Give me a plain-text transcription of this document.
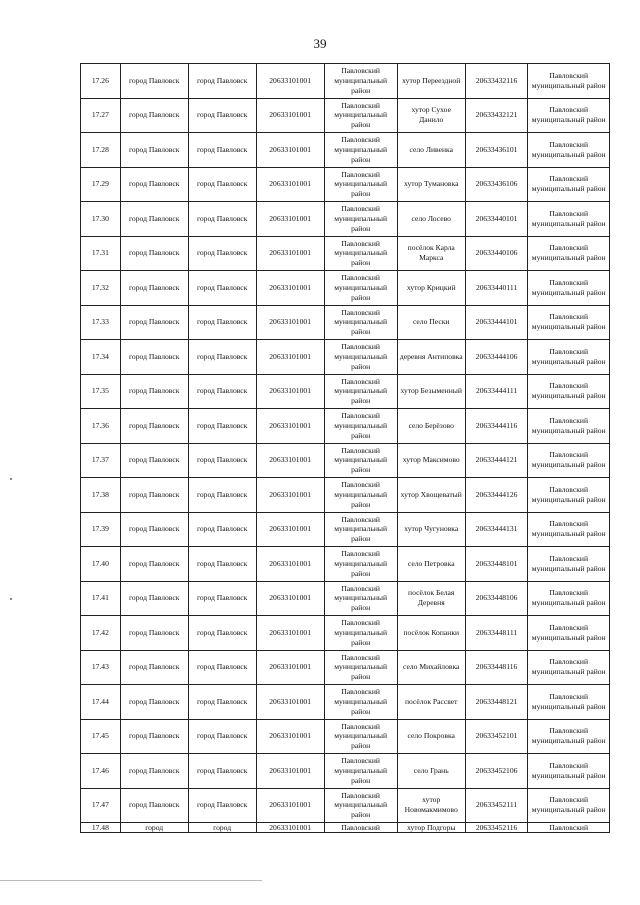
39
17.26	город Павловск	город Павловск	20633101001	Павловский муниципальный район	хутор Переездной	20633432116	Павловский муниципальный район
17.27	город Павловск	город Павловск	20633101001	Павловский муниципальный район	хутор Сухое Данило	20633432121	Павловский муниципальный район
17.28	город Павловск	город Павловск	20633101001	Павловский муниципальный район	село Ливенка	20633436101	Павловский муниципальный район
17.29	город Павловск	город Павловск	20633101001	Павловский муниципальный район	хутор Тумановка	20633436106	Павловский муниципальный район
17.30	город Павловск	город Павловск	20633101001	Павловский муниципальный район	село Лосево	20633440101	Павловский муниципальный район
17.31	город Павловск	город Павловск	20633101001	Павловский муниципальный район	посёлок Карла Маркса	20633440106	Павловский муниципальный район
17.32	город Павловск	город Павловск	20633101001	Павловский муниципальный район	хутор Крицкий	20633440111	Павловский муниципальный район
17.33	город Павловск	город Павловск	20633101001	Павловский муниципальный район	село Пески	20633444101	Павловский муниципальный район
17.34	город Павловск	город Павловск	20633101001	Павловский муниципальный район	деревня Антиповка	20633444106	Павловский муниципальный район
17.35	город Павловск	город Павловск	20633101001	Павловский муниципальный район	хутор Безыменный	20633444111	Павловский муниципальный район
17.36	город Павловск	город Павловск	20633101001	Павловский муниципальный район	село Берёзово	20633444116	Павловский муниципальный район
17.37	город Павловск	город Павловск	20633101001	Павловский муниципальный район	хутор Максимово	20633444121	Павловский муниципальный район
17.38	город Павловск	город Павловск	20633101001	Павловский муниципальный район	хутор Хвощеватый	20633444126	Павловский муниципальный район
17.39	город Павловск	город Павловск	20633101001	Павловский муниципальный район	хутор Чугуновка	20633444131	Павловский муниципальный район
17.40	город Павловск	город Павловск	20633101001	Павловский муниципальный район	село Петровка	20633448101	Павловский муниципальный район
17.41	город Павловск	город Павловск	20633101001	Павловский муниципальный район	посёлок Белая Деревня	20633448106	Павловский муниципальный район
17.42	город Павловск	город Павловск	20633101001	Павловский муниципальный район	посёлок Копанки	20633448111	Павловский муниципальный район
17.43	город Павловск	город Павловск	20633101001	Павловский муниципальный район	село Михайловка	20633448116	Павловский муниципальный район
17.44	город Павловск	город Павловск	20633101001	Павловский муниципальный район	посёлок Рассвет	20633448121	Павловский муниципальный район
17.45	город Павловск	город Павловск	20633101001	Павловский муниципальный район	село Покровка	20633452101	Павловский муниципальный район
17.46	город Павловск	город Павловск	20633101001	Павловский муниципальный район	село Грань	20633452106	Павловский муниципальный район
17.47	город Павловск	город Павловск	20633101001	Павловский муниципальный район	хутор Новомакмимово	20633452111	Павловский муниципальный район
17.48	город	город	20633101001	Павловский	хутор Подгоры	20633452116	Павловский
